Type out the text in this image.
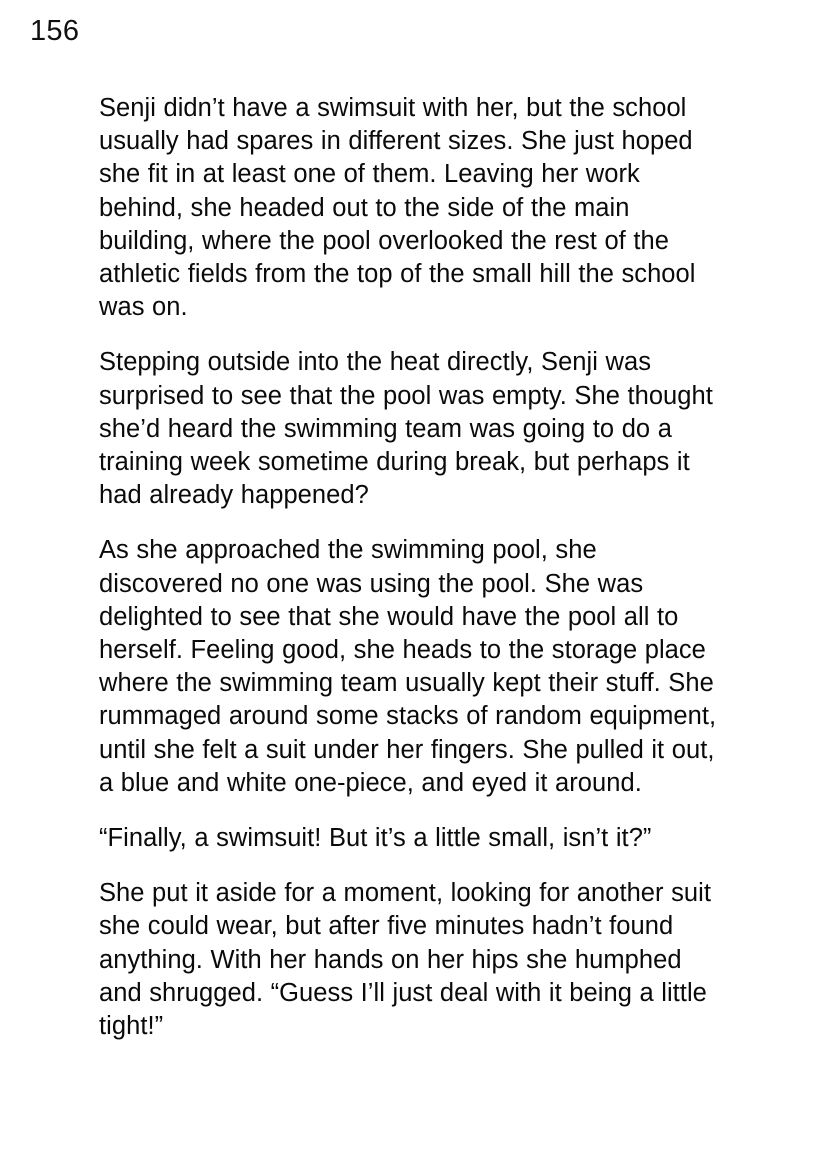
156

Senji didn’t have a swimsuit with her, but the school usually had spares in different sizes. She just hoped she fit in at least one of them. Leaving her work behind, she headed out to the side of the main building, where the pool overlooked the rest of the athletic fields from the top of the small hill the school was on.

Stepping outside into the heat directly, Senji was surprised to see that the pool was empty. She thought she’d heard the swimming team was going to do a training week sometime during break, but perhaps it had already happened?

As she approached the swimming pool, she discovered no one was using the pool. She was delighted to see that she would have the pool all to herself. Feeling good, she heads to the storage place where the swimming team usually kept their stuff. She rummaged around some stacks of random equipment, until she felt a suit under her fingers. She pulled it out, a blue and white one-piece, and eyed it around.

“Finally, a swimsuit! But it’s a little small, isn’t it?”

She put it aside for a moment, looking for another suit she could wear, but after five minutes hadn’t found anything. With her hands on her hips she humphed and shrugged. “Guess I’ll just deal with it being a little tight!”
